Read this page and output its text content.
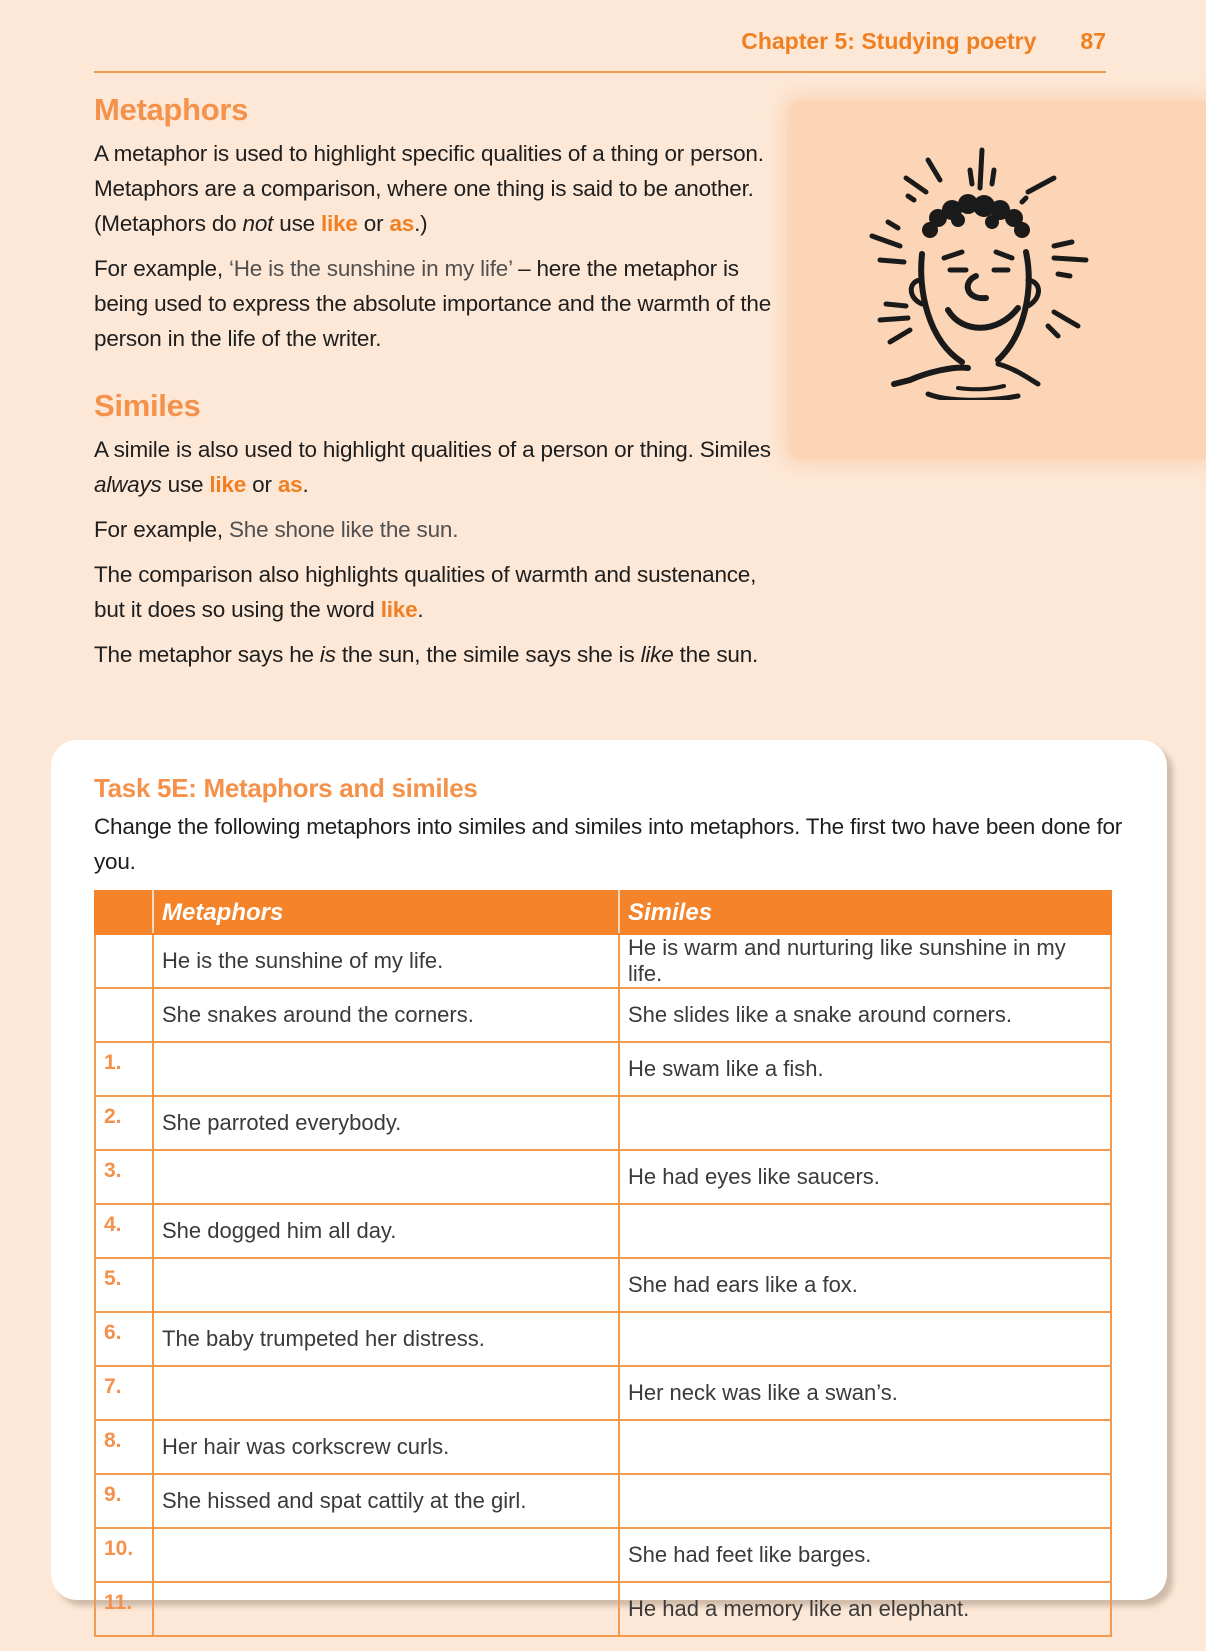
Chapter 5: Studying poetry 87
Metaphors

A metaphor is used to highlight specific qualities of a thing or person. Metaphors are a comparison, where one thing is said to be another. (Metaphors do not use like or as.)

For example, ‘He is the sunshine in my life’ – here the metaphor is being used to express the absolute importance and the warmth of the person in the life of the writer.

Similes

A simile is also used to highlight qualities of a person or thing. Similes always use like or as.

For example, She shone like the sun.

The comparison also highlights qualities of warmth and sustenance, but it does so using the word like.

The metaphor says he is the sun, the simile says she is like the sun.

Task 5E: Metaphors and similes
Change the following metaphors into similes and similes into metaphors. The first two have been done for you.
	Metaphors	Similes
	He is the sunshine of my life.	He is warm and nurturing like sunshine in my life.
	She snakes around the corners.	She slides like a snake around corners.
1.		He swam like a fish.
2.	She parroted everybody.	
3.		He had eyes like saucers.
4.	She dogged him all day.	
5.		She had ears like a fox.
6.	The baby trumpeted her distress.	
7.		Her neck was like a swan’s.
8.	Her hair was corkscrew curls.	
9.	She hissed and spat cattily at the girl.	
10.		She had feet like barges.
11.		He had a memory like an elephant.
